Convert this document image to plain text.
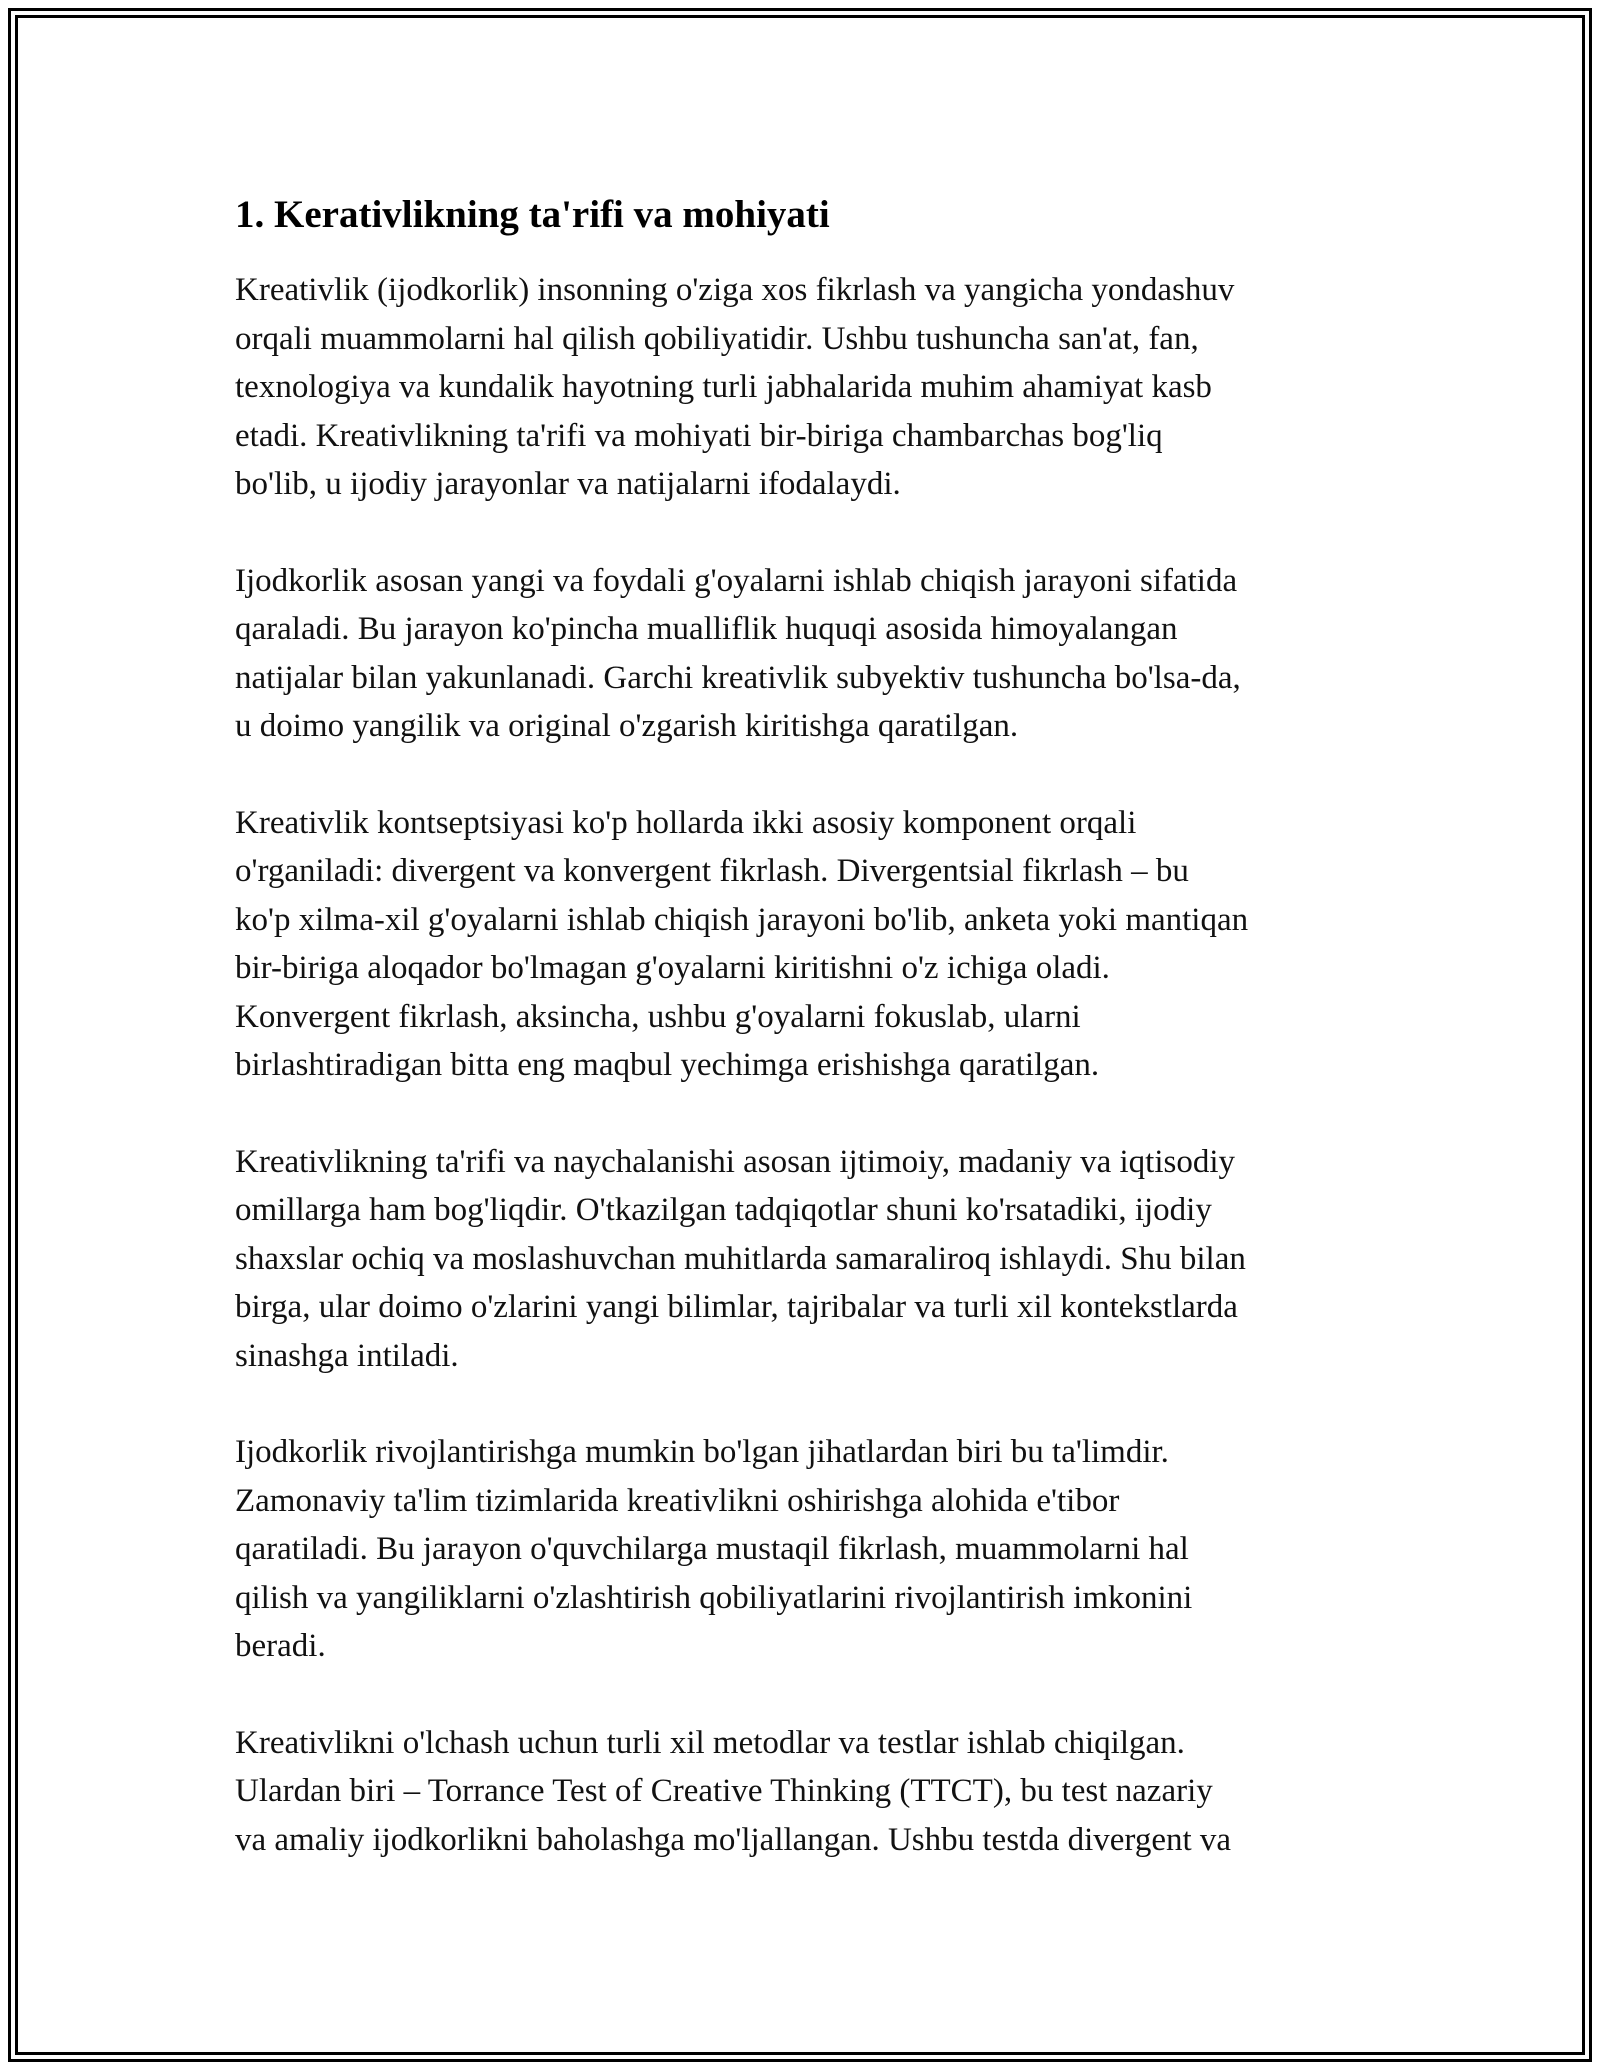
1. Kerativlikning ta'rifi va mohiyati

Kreativlik (ijodkorlik) insonning o'ziga xos fikrlash va yangicha yondashuv
orqali muammolarni hal qilish qobiliyatidir. Ushbu tushuncha san'at, fan,
texnologiya va kundalik hayotning turli jabhalarida muhim ahamiyat kasb
etadi. Kreativlikning ta'rifi va mohiyati bir-biriga chambarchas bog'liq
bo'lib, u ijodiy jarayonlar va natijalarni ifodalaydi.

Ijodkorlik asosan yangi va foydali g'oyalarni ishlab chiqish jarayoni sifatida
qaraladi. Bu jarayon ko'pincha mualliflik huquqi asosida himoyalangan
natijalar bilan yakunlanadi. Garchi kreativlik subyektiv tushuncha bo'lsa-da,
u doimo yangilik va original o'zgarish kiritishga qaratilgan.

Kreativlik kontseptsiyasi ko'p hollarda ikki asosiy komponent orqali
o'rganiladi: divergent va konvergent fikrlash. Divergentsial fikrlash – bu
ko'p xilma-xil g'oyalarni ishlab chiqish jarayoni bo'lib, anketa yoki mantiqan
bir-biriga aloqador bo'lmagan g'oyalarni kiritishni o'z ichiga oladi.
Konvergent fikrlash, aksincha, ushbu g'oyalarni fokuslab, ularni
birlashtiradigan bitta eng maqbul yechimga erishishga qaratilgan.

Kreativlikning ta'rifi va naychalanishi asosan ijtimoiy, madaniy va iqtisodiy
omillarga ham bog'liqdir. O'tkazilgan tadqiqotlar shuni ko'rsatadiki, ijodiy
shaxslar ochiq va moslashuvchan muhitlarda samaraliroq ishlaydi. Shu bilan
birga, ular doimo o'zlarini yangi bilimlar, tajribalar va turli xil kontekstlarda
sinashga intiladi.

Ijodkorlik rivojlantirishga mumkin bo'lgan jihatlardan biri bu ta'limdir.
Zamonaviy ta'lim tizimlarida kreativlikni oshirishga alohida e'tibor
qaratiladi. Bu jarayon o'quvchilarga mustaqil fikrlash, muammolarni hal
qilish va yangiliklarni o'zlashtirish qobiliyatlarini rivojlantirish imkonini
beradi.

Kreativlikni o'lchash uchun turli xil metodlar va testlar ishlab chiqilgan.
Ulardan biri – Torrance Test of Creative Thinking (TTCT), bu test nazariy
va amaliy ijodkorlikni baholashga mo'ljallangan. Ushbu testda divergent va
